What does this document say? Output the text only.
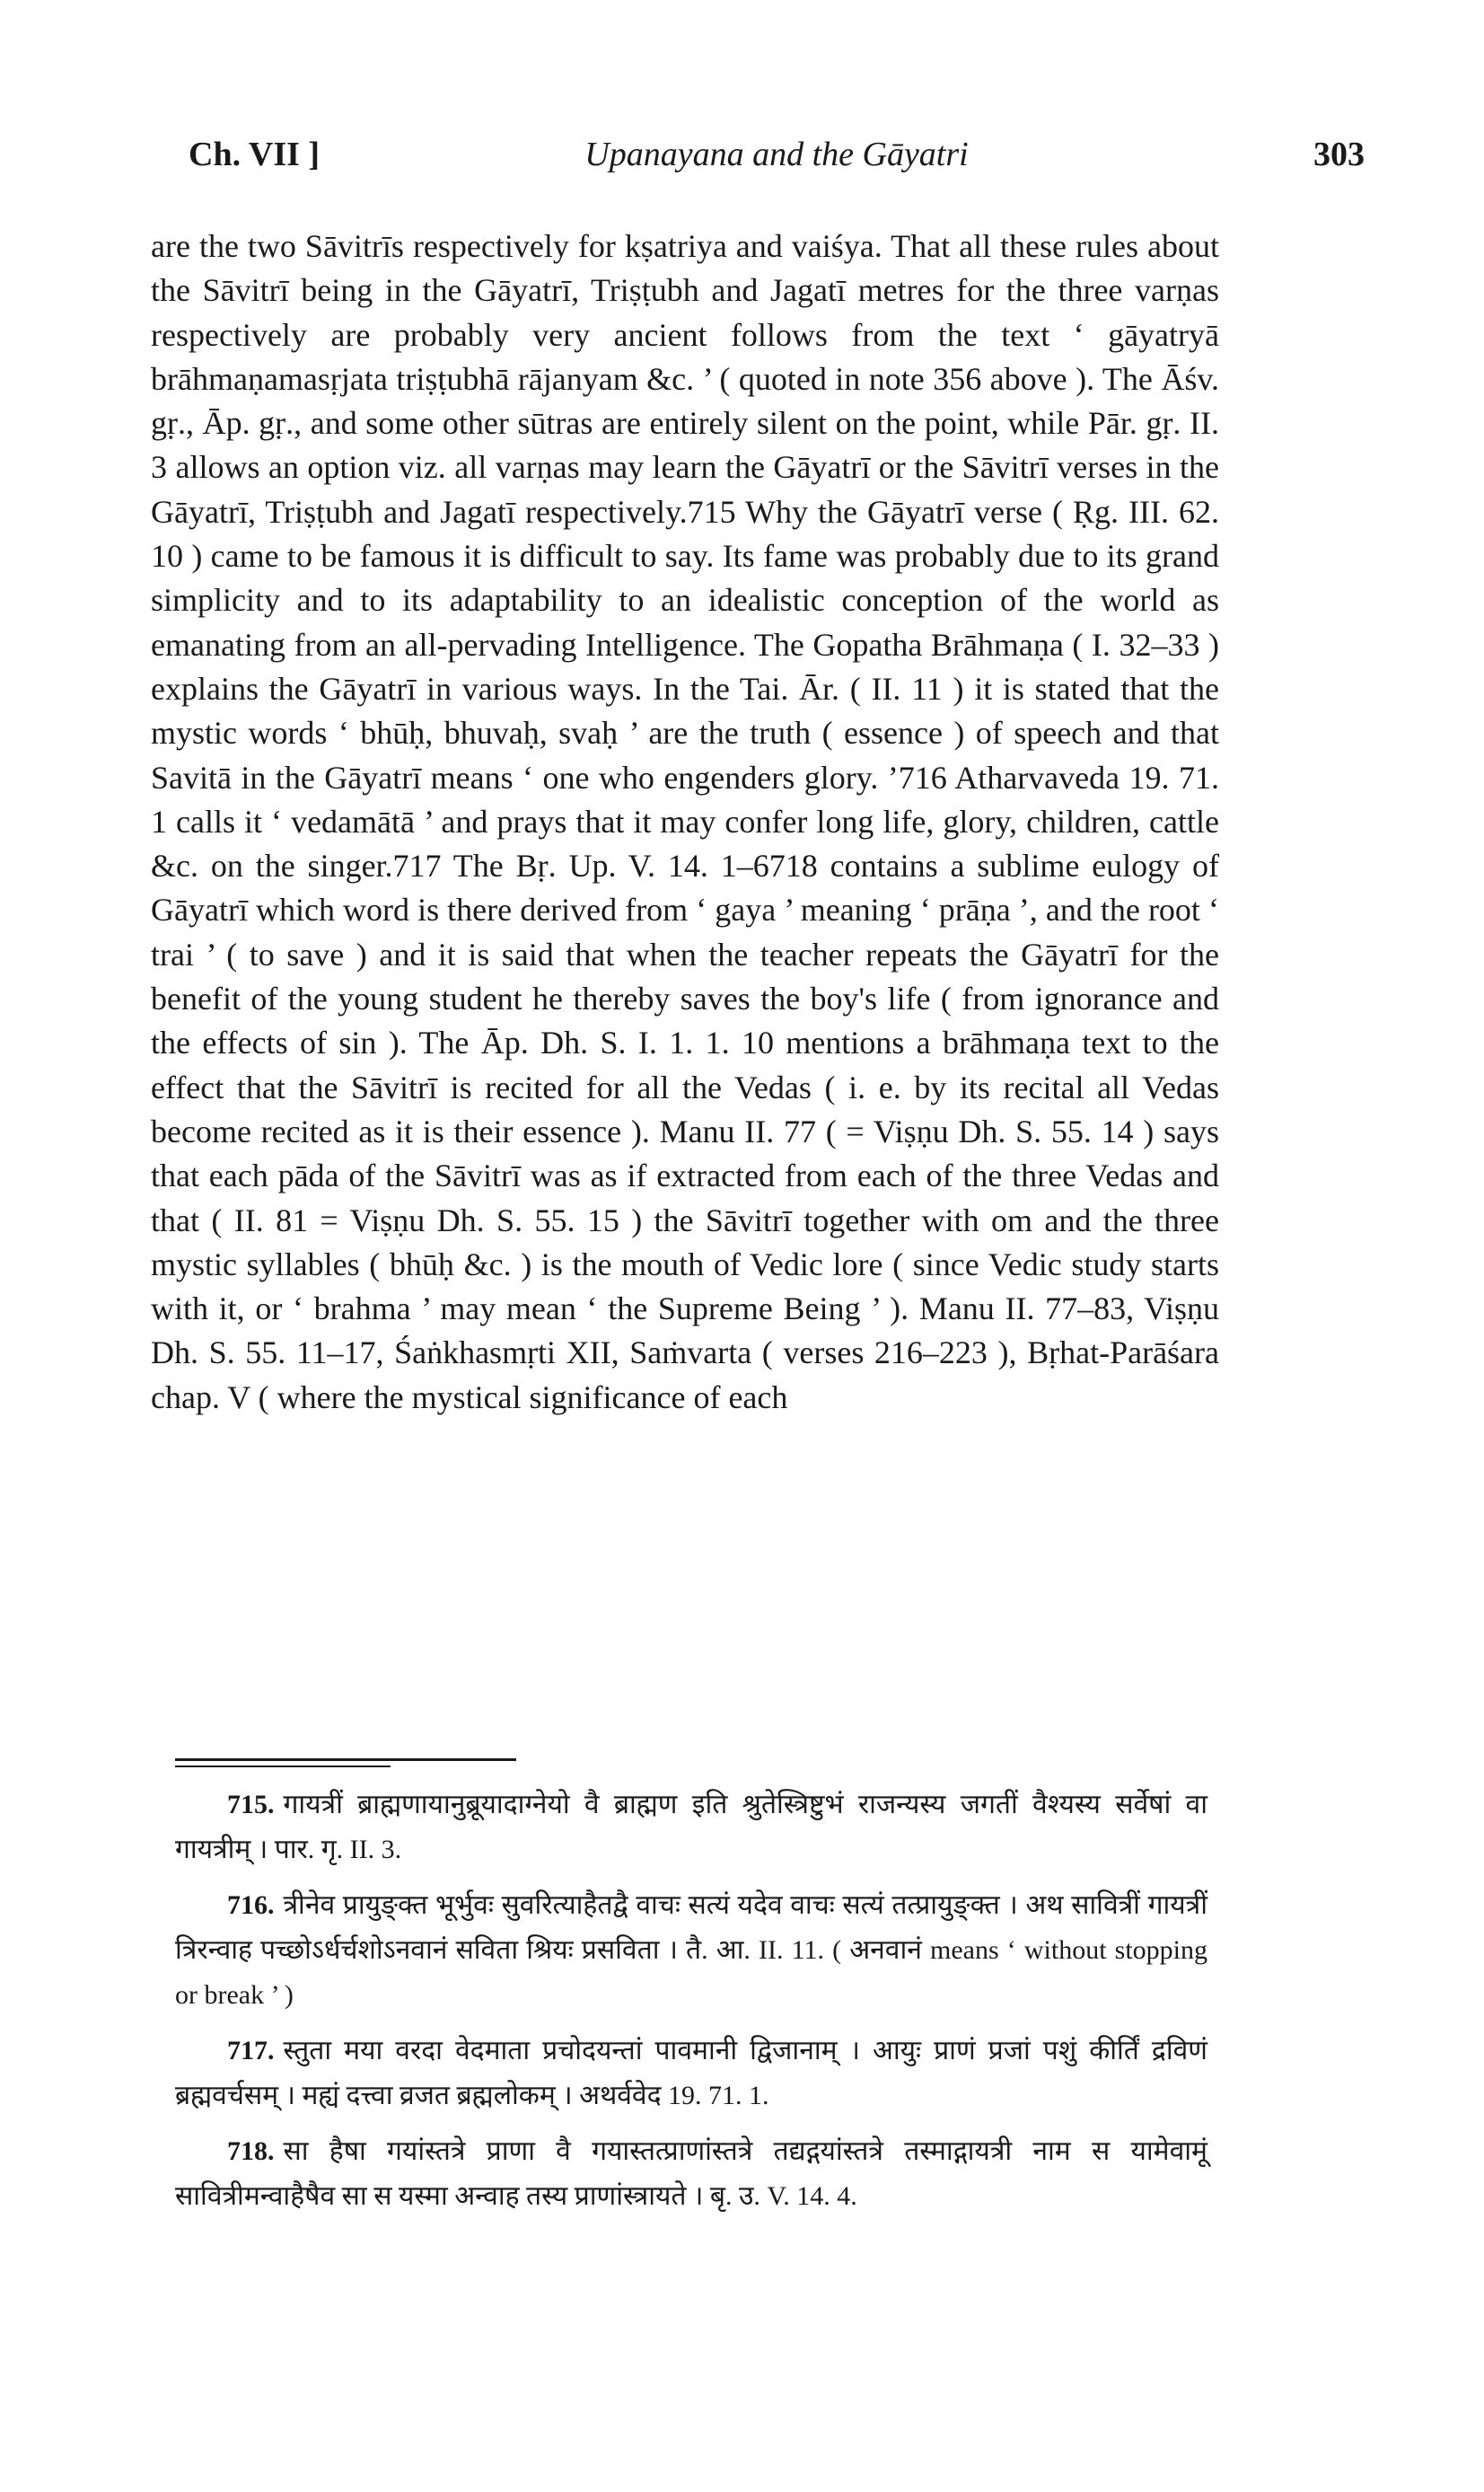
Ch. VII ]	Upanayana and the Gāyatri	303

are the two Sāvitrīs respectively for kṣatriya and vaiśya. That all these rules about the Sāvitrī being in the Gāyatrī, Triṣṭubh and Jagatī metres for the three varṇas respectively are probably very ancient follows from the text ‘ gāyatryā brāhmaṇamasṛjata triṣṭubhā rājanyam &c. ’ ( quoted in note 356 above ). The Āśv. gṛ., Āp. gṛ., and some other sūtras are entirely silent on the point, while Pār. gṛ. II. 3 allows an option viz. all varṇas may learn the Gāyatrī or the Sāvitrī verses in the Gāyatrī, Triṣṭubh and Jagatī respectively.715 Why the Gāyatrī verse ( Ṛg. III. 62. 10 ) came to be famous it is difficult to say. Its fame was probably due to its grand simplicity and to its adaptability to an idealistic conception of the world as emanating from an all-pervading Intelligence. The Gopatha Brāhmaṇa ( I. 32–33 ) explains the Gāyatrī in various ways. In the Tai. Ār. ( II. 11 ) it is stated that the mystic words ‘ bhūḥ, bhuvaḥ, svaḥ ’ are the truth ( essence ) of speech and that Savitā in the Gāyatrī means ‘ one who engenders glory. ’716 Atharvaveda 19. 71. 1 calls it ‘ vedamātā ’ and prays that it may confer long life, glory, children, cattle &c. on the singer.717 The Bṛ. Up. V. 14. 1–6718 contains a sublime eulogy of Gāyatrī which word is there derived from ‘ gaya ’ meaning ‘ prāṇa ’, and the root ‘ trai ’ ( to save ) and it is said that when the teacher repeats the Gāyatrī for the benefit of the young student he thereby saves the boy's life ( from ignorance and the effects of sin ). The Āp. Dh. S. I. 1. 1. 10 mentions a brāhmaṇa text to the effect that the Sāvitrī is recited for all the Vedas ( i. e. by its recital all Vedas become recited as it is their essence ). Manu II. 77 ( = Viṣṇu Dh. S. 55. 14 ) says that each pāda of the Sāvitrī was as if extracted from each of the three Vedas and that ( II. 81 = Viṣṇu Dh. S. 55. 15 ) the Sāvitrī together with om and the three mystic syllables ( bhūḥ &c. ) is the mouth of Vedic lore ( since Vedic study starts with it, or ‘ brahma ’ may mean ‘ the Supreme Being ’ ). Manu II. 77–83, Viṣṇu Dh. S. 55. 11–17, Śaṅkhasmṛti XII, Saṁvarta ( verses 216–223 ), Bṛhat-Parāśara chap. V ( where the mystical significance of each

715. गायत्रीं ब्राह्मणायानुब्रूयादाग्नेयो वै ब्राह्मण इति श्रुतेस्त्रिष्टुभं राजन्यस्य जगतीं वैश्यस्य सर्वेषां वा गायत्रीम् । पार. गृ. II. 3.

716. त्रीनेव प्रायुङ्क्त भूर्भुवः सुवरित्याहैतद्वै वाचः सत्यं यदेव वाचः सत्यं तत्प्रायुङ्क्त । अथ सावित्रीं गायत्रीं त्रिरन्वाह पच्छोऽर्धर्चशोऽनवानं सविता श्रियः प्रसविता । तै. आ. II. 11. ( अनवानं means ‘ without stopping or break ’ )

717. स्तुता मया वरदा वेदमाता प्रचोदयन्तां पावमानी द्विजानाम् । आयुः प्राणं प्रजां पशुं कीर्तिं द्रविणं ब्रह्मवर्चसम् । मह्यं दत्त्वा व्रजत ब्रह्मलोकम् । अथर्ववेद 19. 71. 1.

718. सा हैषा गयांस्तत्रे प्राणा वै गयास्तत्प्राणांस्तत्रे तद्यद्गयांस्तत्रे तस्माद्गायत्री नाम स यामेवामूं सावित्रीमन्वाहैषैव सा स यस्मा अन्वाह तस्य प्राणांस्त्रायते । बृ. उ. V. 14. 4.
